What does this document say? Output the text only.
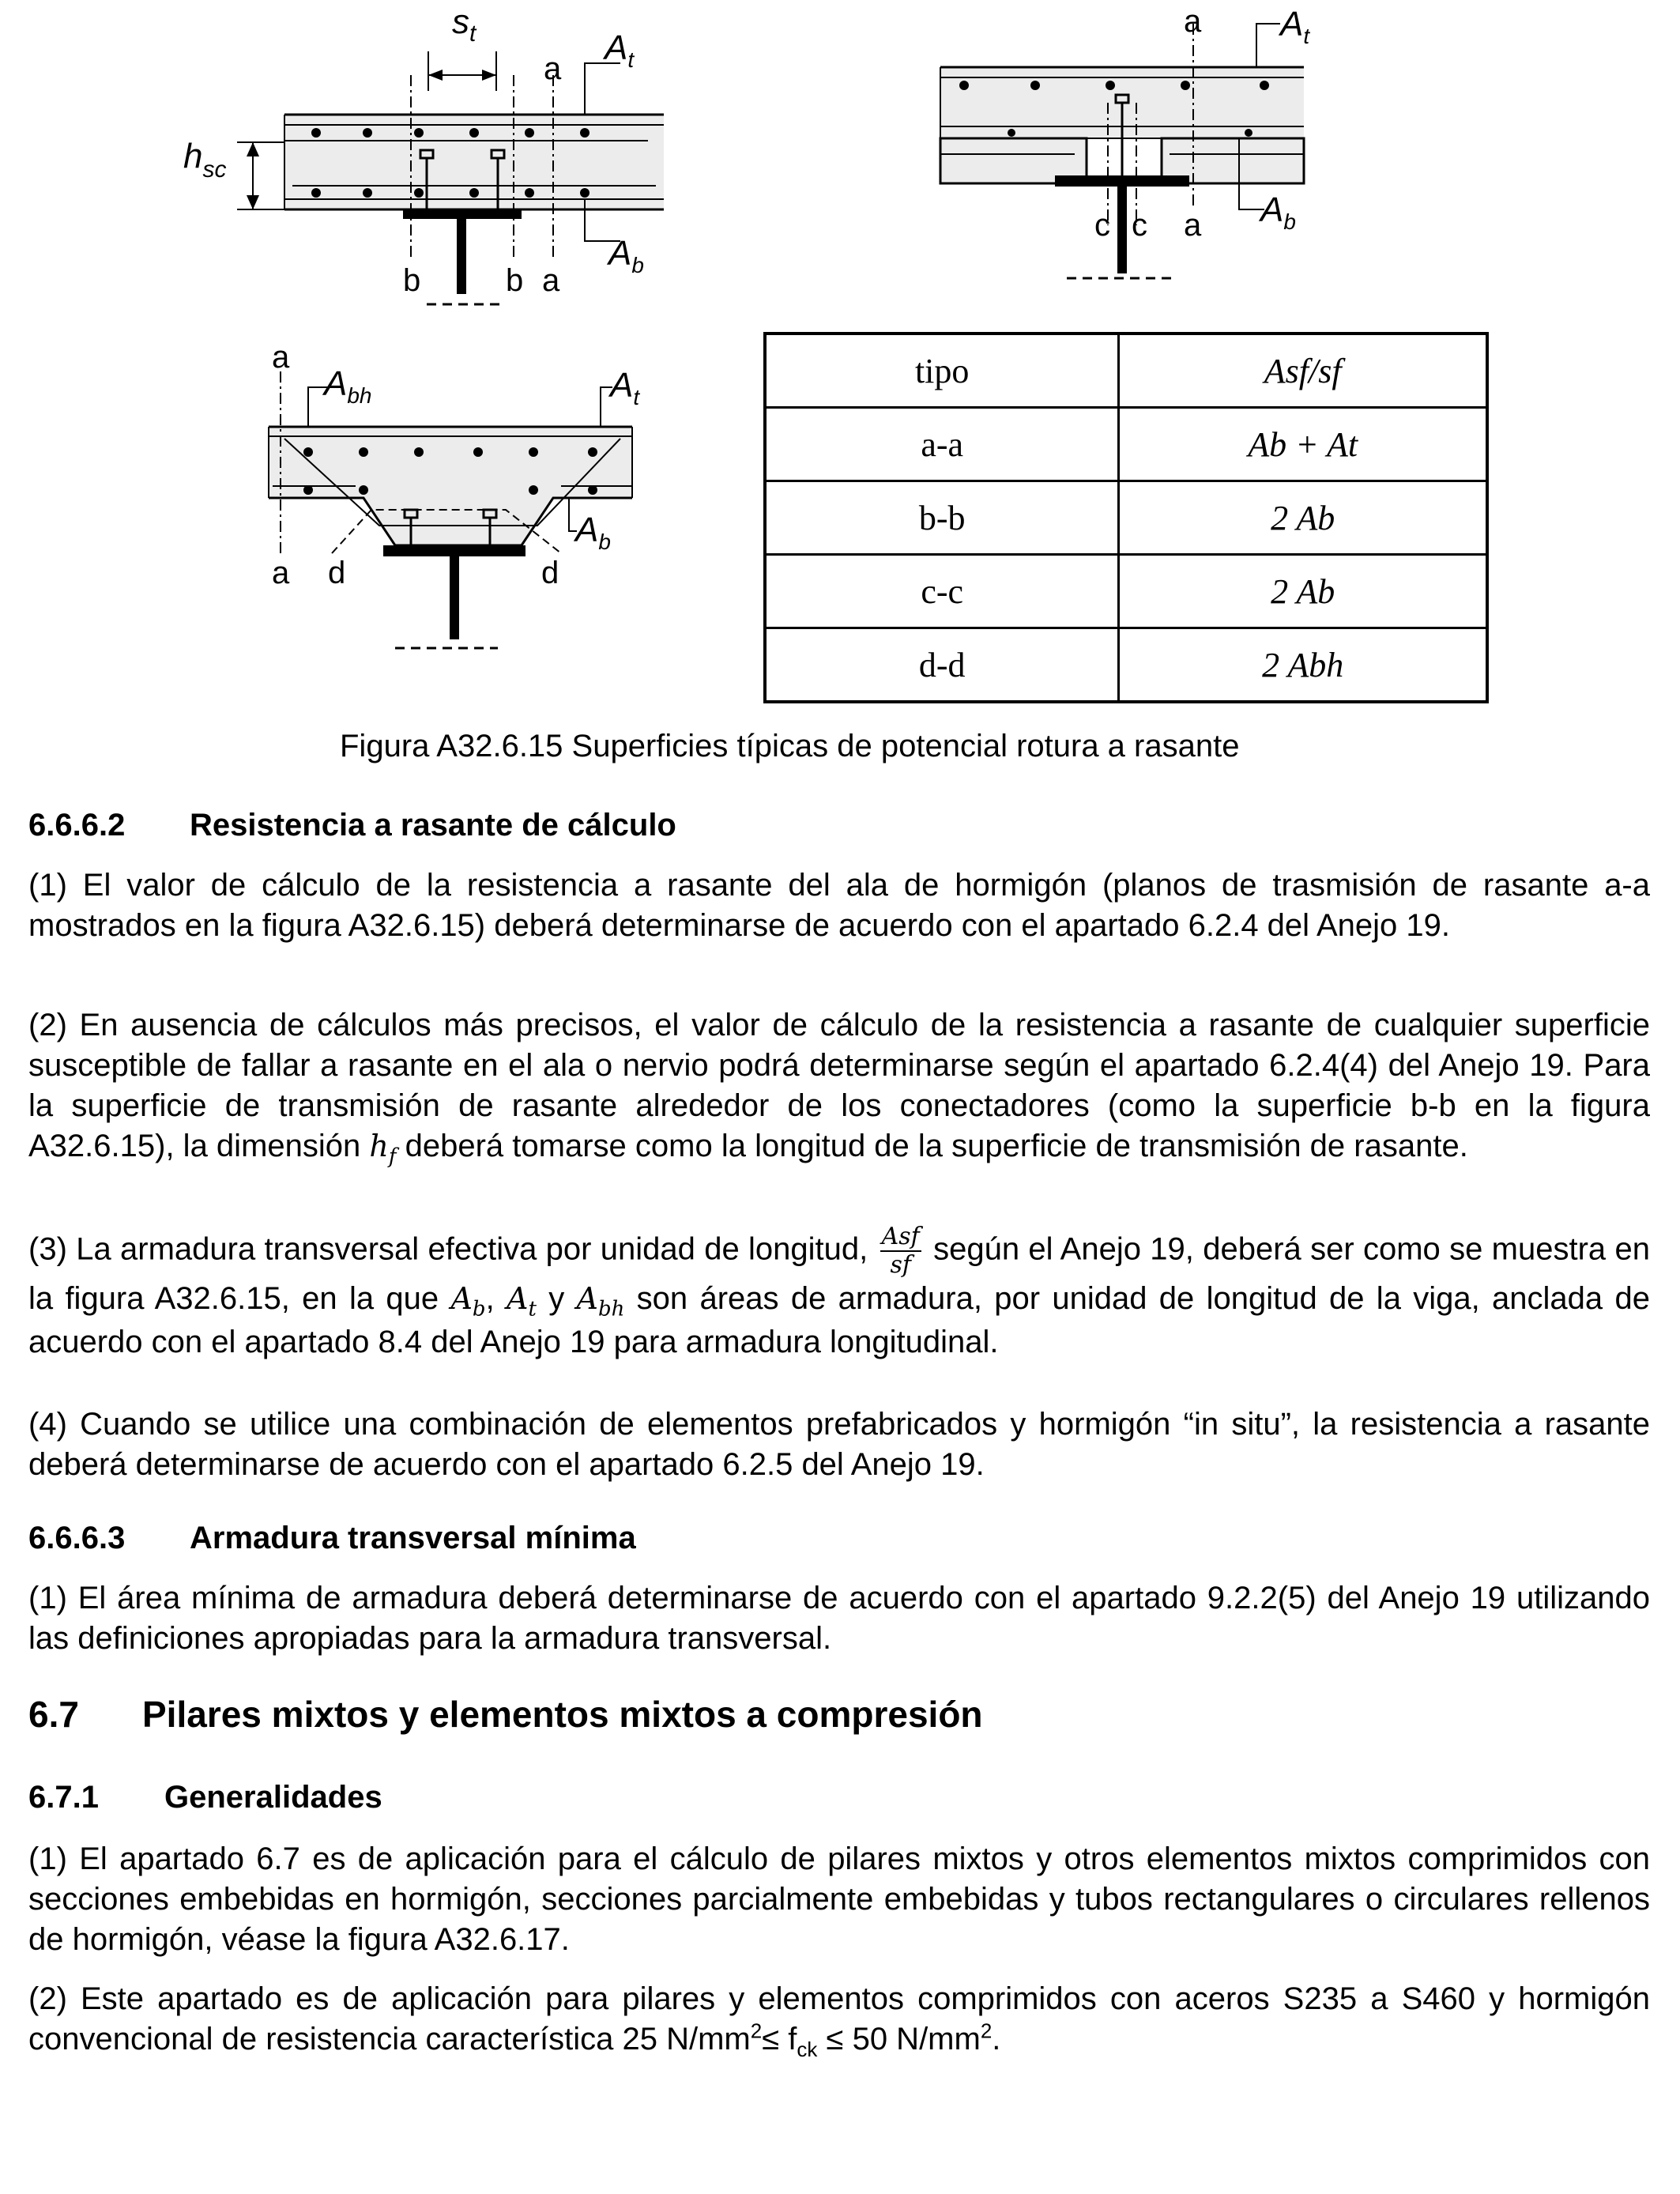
$s_t$
a
$A_t$
$A_b$
$h_{sc}$
b	b a
a $A_t$
$A_b$
c c a
a
a d	d
$A_{bh}$	$A_t$
$A_b$
tipo	Asf/sf
a-a	Ab + At
b-b	2 Ab
c-c	2 Ab
d-d	2 Abh
Figura A32.6.15 Superficies típicas de potencial rotura a rasante
6.6.6.2 Resistencia a rasante de cálculo

(1) El valor de cálculo de la resistencia a rasante del ala de hormigón (planos de trasmisión de rasante a-a mostrados en la figura A32.6.15) deberá determinarse de acuerdo con el apartado 6.2.4 del Anejo 19.

(2) En ausencia de cálculos más precisos, el valor de cálculo de la resistencia a rasante de cualquier superficie susceptible de fallar a rasante en el ala o nervio podrá determinarse según el apartado 6.2.4(4) del Anejo 19. Para la superficie de transmisión de rasante alrededor de los conectadores (como la superficie b-b en la figura A32.6.15), la dimensión $h_f$ deberá tomarse como la longitud de la superficie de transmisión de rasante.

(3) La armadura transversal efectiva por unidad de longitud, $\frac{\text{Asf}}{sf}$ según el Anejo 19, deberá ser como se muestra en la figura A32.6.15, en la que $A_b$, $A_t$ y $A_{bh}$ son áreas de armadura, por unidad de longitud de la viga, anclada de acuerdo con el apartado 8.4 del Anejo 19 para armadura longitudinal.

(4) Cuando se utilice una combinación de elementos prefabricados y hormigón “in situ”, la resistencia a rasante deberá determinarse de acuerdo con el apartado 6.2.5 del Anejo 19.

6.6.6.3 Armadura transversal mínima

(1) El área mínima de armadura deberá determinarse de acuerdo con el apartado 9.2.2(5) del Anejo 19 utilizando las definiciones apropiadas para la armadura transversal.

6.7 Pilares mixtos y elementos mixtos a compresión
6.7.1 Generalidades

(1) El apartado 6.7 es de aplicación para el cálculo de pilares mixtos y otros elementos mixtos comprimidos con secciones embebidas en hormigón, secciones parcialmente embebidas y tubos rectangulares o circulares rellenos de hormigón, véase la figura A32.6.17.

(2) Este apartado es de aplicación para pilares y elementos comprimidos con aceros S235 a S460 y hormigón convencional de resistencia característica 25 $N/mm^2\le f_{ck} \le 50$ $N/mm^2$.
